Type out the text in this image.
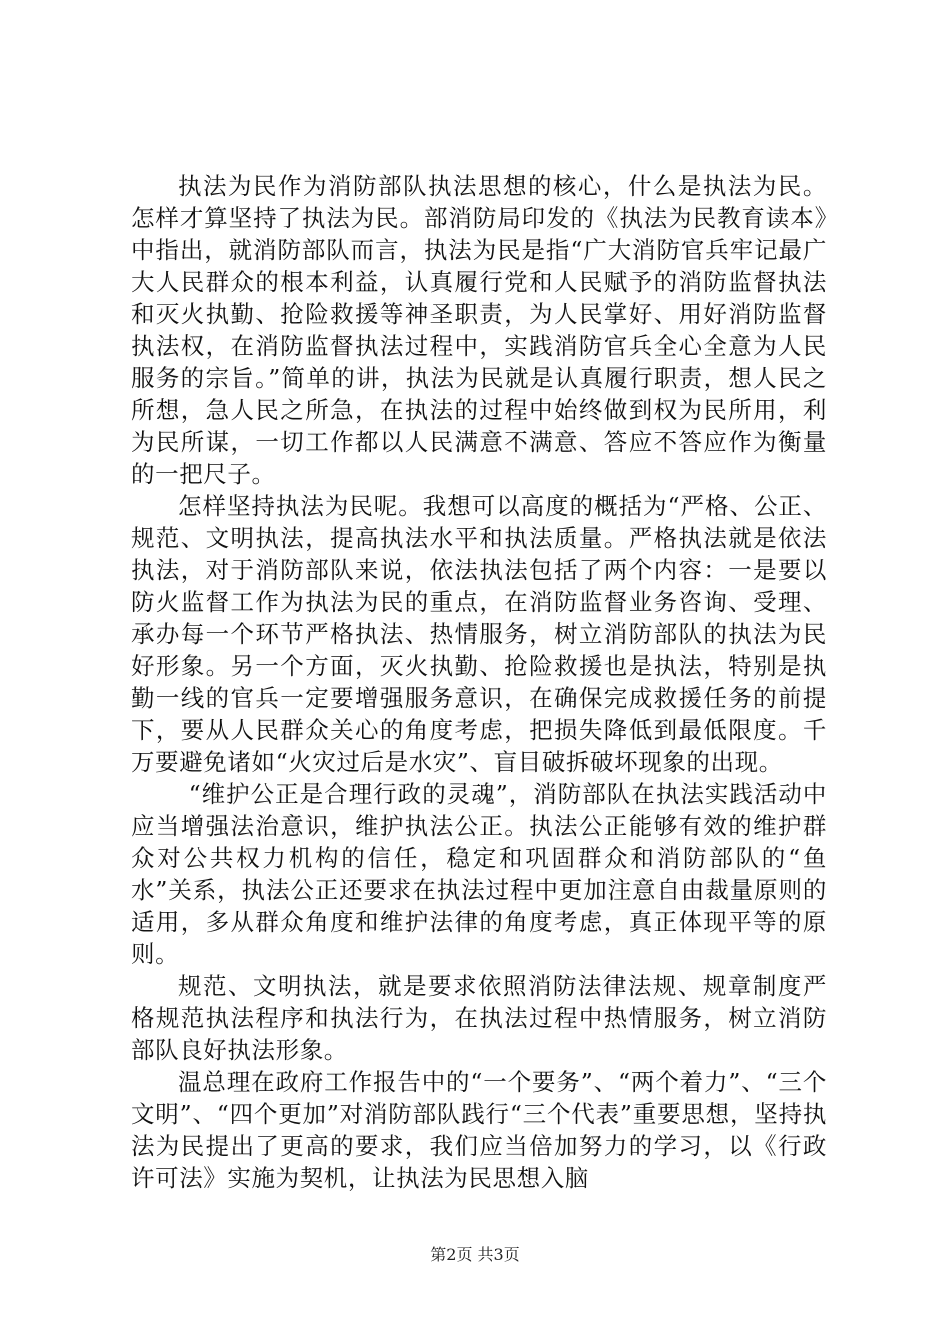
执法为民作为消防部队执法思想的核心，什么是执法为民。怎样才算坚持了执法为民。部消防局印发的《执法为民教育读本》中指出，就消防部队而言，执法为民是指“广大消防官兵牢记最广大人民群众的根本利益，认真履行党和人民赋予的消防监督执法和灭火执勤、抢险救援等神圣职责，为人民掌好、用好消防监督执法权，在消防监督执法过程中，实践消防官兵全心全意为人民服务的宗旨。”简单的讲，执法为民就是认真履行职责，想人民之所想，急人民之所急，在执法的过程中始终做到权为民所用，利为民所谋，一切工作都以人民满意不满意、答应不答应作为衡量的一把尺子。

怎样坚持执法为民呢。我想可以高度的概括为“严格、公正、规范、文明执法，提高执法水平和执法质量。严格执法就是依法执法，对于消防部队来说，依法执法包括了两个内容：一是要以防火监督工作为执法为民的重点，在消防监督业务咨询、受理、承办每一个环节严格执法、热情服务，树立消防部队的执法为民好形象。另一个方面，灭火执勤、抢险救援也是执法，特别是执勤一线的官兵一定要增强服务意识，在确保完成救援任务的前提下，要从人民群众关心的角度考虑，把损失降低到最低限度。千万要避免诸如“火灾过后是水灾”、盲目破拆破坏现象的出现。

“维护公正是合理行政的灵魂”，消防部队在执法实践活动中应当增强法治意识，维护执法公正。执法公正能够有效的维护群众对公共权力机构的信任，稳定和巩固群众和消防部队的“鱼水”关系，执法公正还要求在执法过程中更加注意自由裁量原则的适用，多从群众角度和维护法律的角度考虑，真正体现平等的原则。

规范、文明执法，就是要求依照消防法律法规、规章制度严格规范执法程序和执法行为，在执法过程中热情服务，树立消防部队良好执法形象。

温总理在政府工作报告中的“一个要务”、“两个着力”、“三个文明”、“四个更加”对消防部队践行“三个代表”重要思想，坚持执法为民提出了更高的要求，我们应当倍加努力的学习，以《行政许可法》实施为契机，让执法为民思想入脑

第2页 共3页
